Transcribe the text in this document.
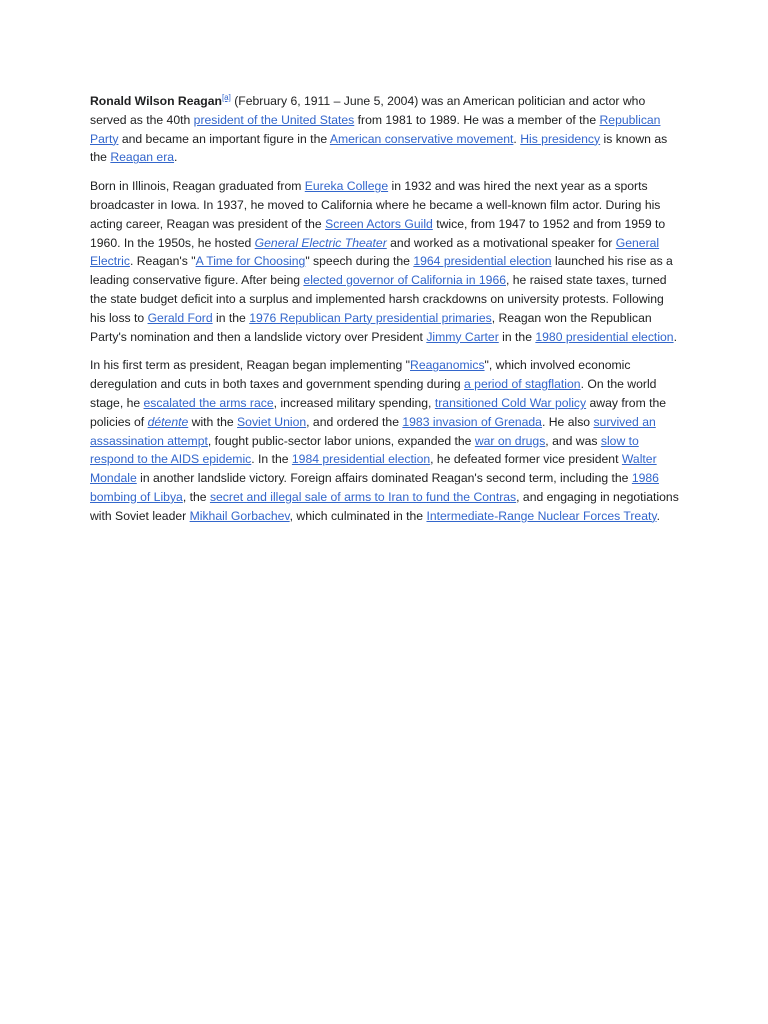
Ronald Wilson Reagan[a] (February 6, 1911 – June 5, 2004) was an American politician and actor who served as the 40th president of the United States from 1981 to 1989. He was a member of the Republican Party and became an important figure in the American conservative movement. His presidency is known as the Reagan era.

Born in Illinois, Reagan graduated from Eureka College in 1932 and was hired the next year as a sports broadcaster in Iowa. In 1937, he moved to California where he became a well-known film actor. During his acting career, Reagan was president of the Screen Actors Guild twice, from 1947 to 1952 and from 1959 to 1960. In the 1950s, he hosted General Electric Theater and worked as a motivational speaker for General Electric. Reagan's "A Time for Choosing" speech during the 1964 presidential election launched his rise as a leading conservative figure. After being elected governor of California in 1966, he raised state taxes, turned the state budget deficit into a surplus and implemented harsh crackdowns on university protests. Following his loss to Gerald Ford in the 1976 Republican Party presidential primaries, Reagan won the Republican Party's nomination and then a landslide victory over President Jimmy Carter in the 1980 presidential election.

In his first term as president, Reagan began implementing "Reaganomics", which involved economic deregulation and cuts in both taxes and government spending during a period of stagflation. On the world stage, he escalated the arms race, increased military spending, transitioned Cold War policy away from the policies of détente with the Soviet Union, and ordered the 1983 invasion of Grenada. He also survived an assassination attempt, fought public-sector labor unions, expanded the war on drugs, and was slow to respond to the AIDS epidemic. In the 1984 presidential election, he defeated former vice president Walter Mondale in another landslide victory. Foreign affairs dominated Reagan's second term, including the 1986 bombing of Libya, the secret and illegal sale of arms to Iran to fund the Contras, and engaging in negotiations with Soviet leader Mikhail Gorbachev, which culminated in the Intermediate-Range Nuclear Forces Treaty.
